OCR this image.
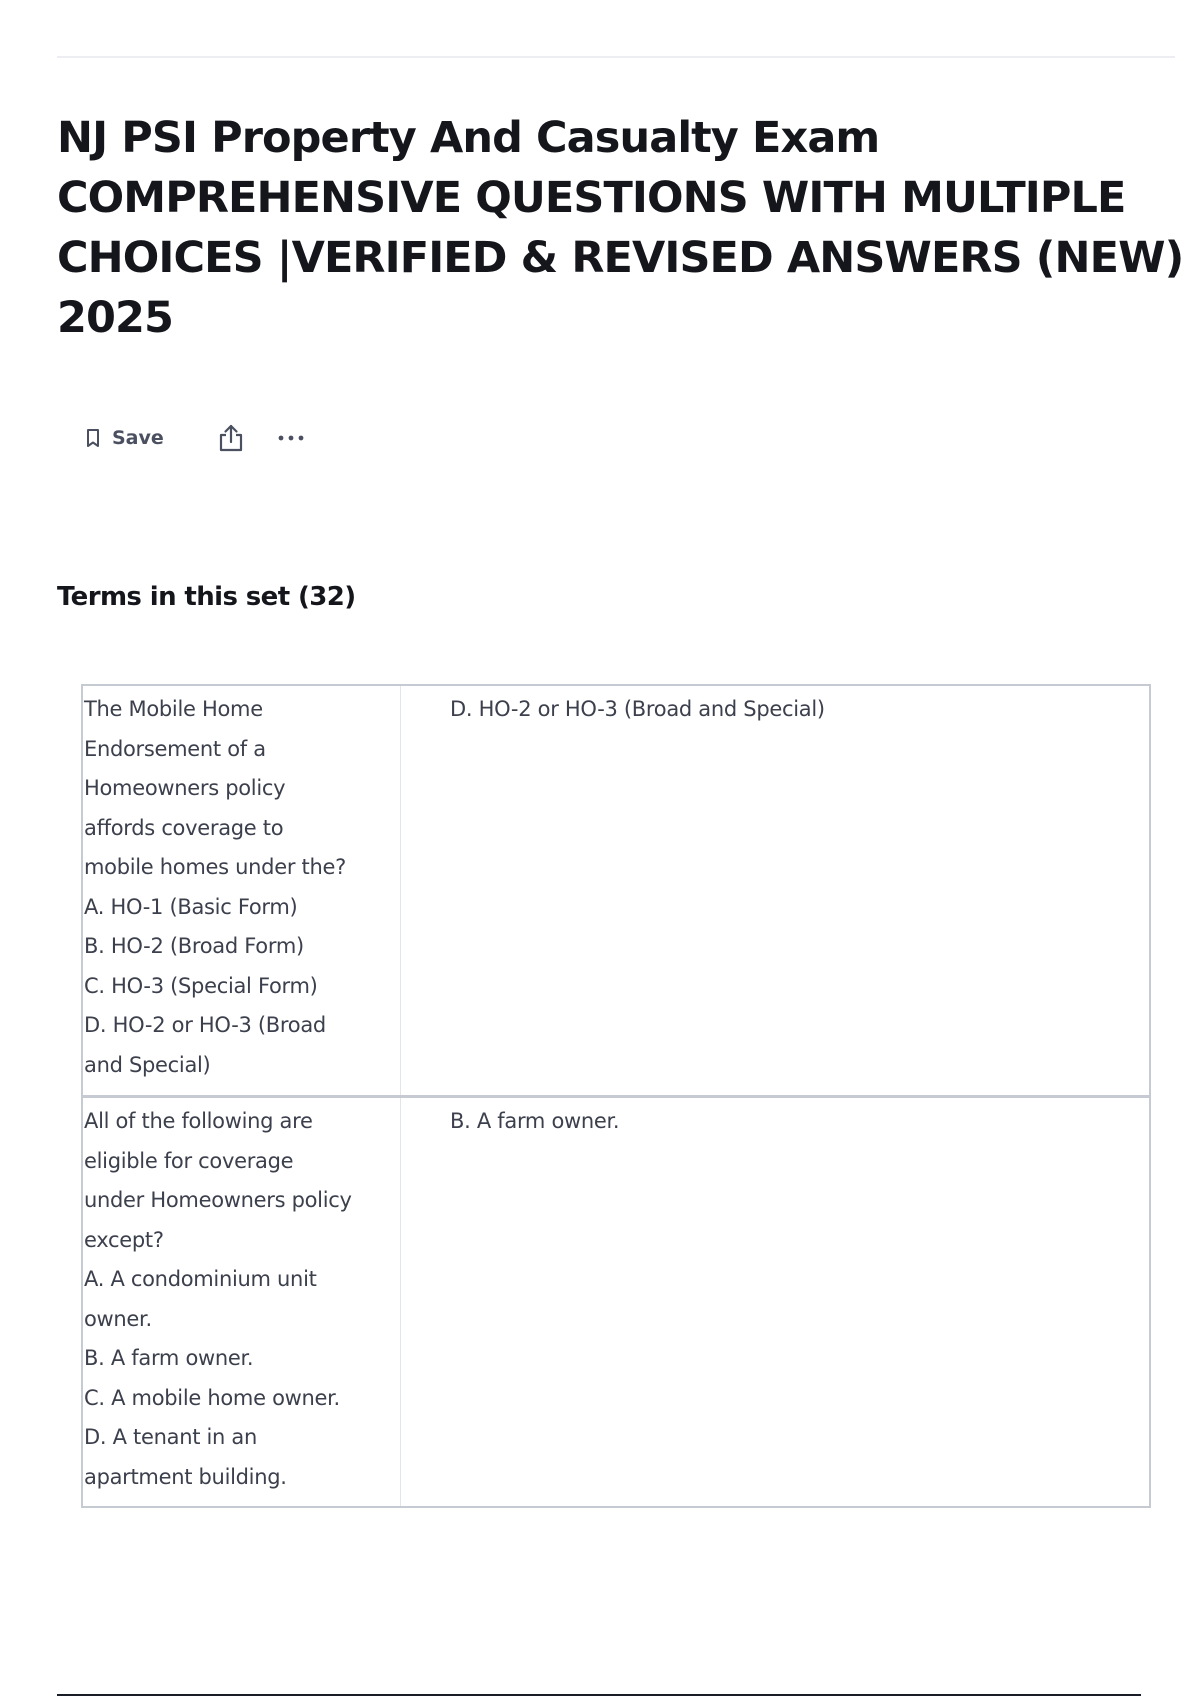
NJ PSI Property And Casualty Exam COMPREHENSIVE QUESTIONS WITH MULTIPLE CHOICES |VERIFIED & REVISED ANSWERS (NEW) 2025
Save
Terms in this set (32)
The Mobile Home
Endorsement of a
Homeowners policy
affords coverage to
mobile homes under the?
A. HO-1 (Basic Form)
B. HO-2 (Broad Form)
C. HO-3 (Special Form)
D. HO-2 or HO-3 (Broad
and Special)
D. HO-2 or HO-3 (Broad and Special)
All of the following are
eligible for coverage
under Homeowners policy
except?
A. A condominium unit
owner.
B. A farm owner.
C. A mobile home owner.
D. A tenant in an
apartment building.
B. A farm owner.
